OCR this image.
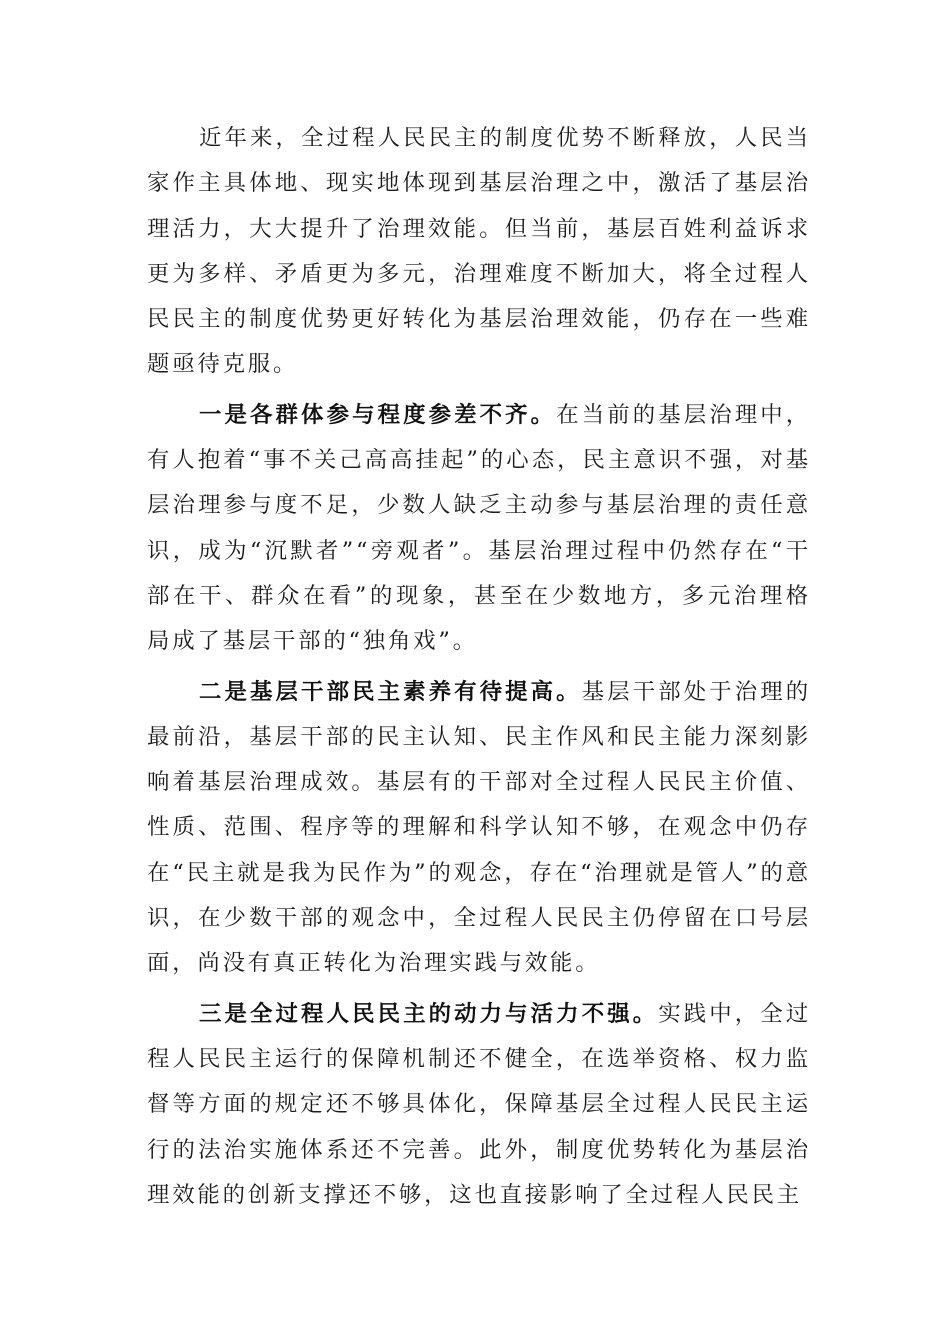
近年来，全过程人民民主的制度优势不断释放，人民当家作主具体地、现实地体现到基层治理之中，激活了基层治理活力，大大提升了治理效能。但当前，基层百姓利益诉求更为多样、矛盾更为多元，治理难度不断加大，将全过程人民民主的制度优势更好转化为基层治理效能，仍存在一些难题亟待克服。

一是各群体参与程度参差不齐。在当前的基层治理中，有人抱着“事不关己高高挂起”的心态，民主意识不强，对基层治理参与度不足，少数人缺乏主动参与基层治理的责任意识，成为“沉默者”“旁观者”。基层治理过程中仍然存在“干部在干、群众在看”的现象，甚至在少数地方，多元治理格局成了基层干部的“独角戏”。

二是基层干部民主素养有待提高。基层干部处于治理的最前沿，基层干部的民主认知、民主作风和民主能力深刻影响着基层治理成效。基层有的干部对全过程人民民主价值、性质、范围、程序等的理解和科学认知不够，在观念中仍存在“民主就是我为民作为”的观念，存在“治理就是管人”的意识，在少数干部的观念中，全过程人民民主仍停留在口号层面，尚没有真正转化为治理实践与效能。

三是全过程人民民主的动力与活力不强。实践中，全过程人民民主运行的保障机制还不健全，在选举资格、权力监督等方面的规定还不够具体化，保障基层全过程人民民主运行的法治实施体系还不完善。此外，制度优势转化为基层治理效能的创新支撑还不够，这也直接影响了全过程人民民主
